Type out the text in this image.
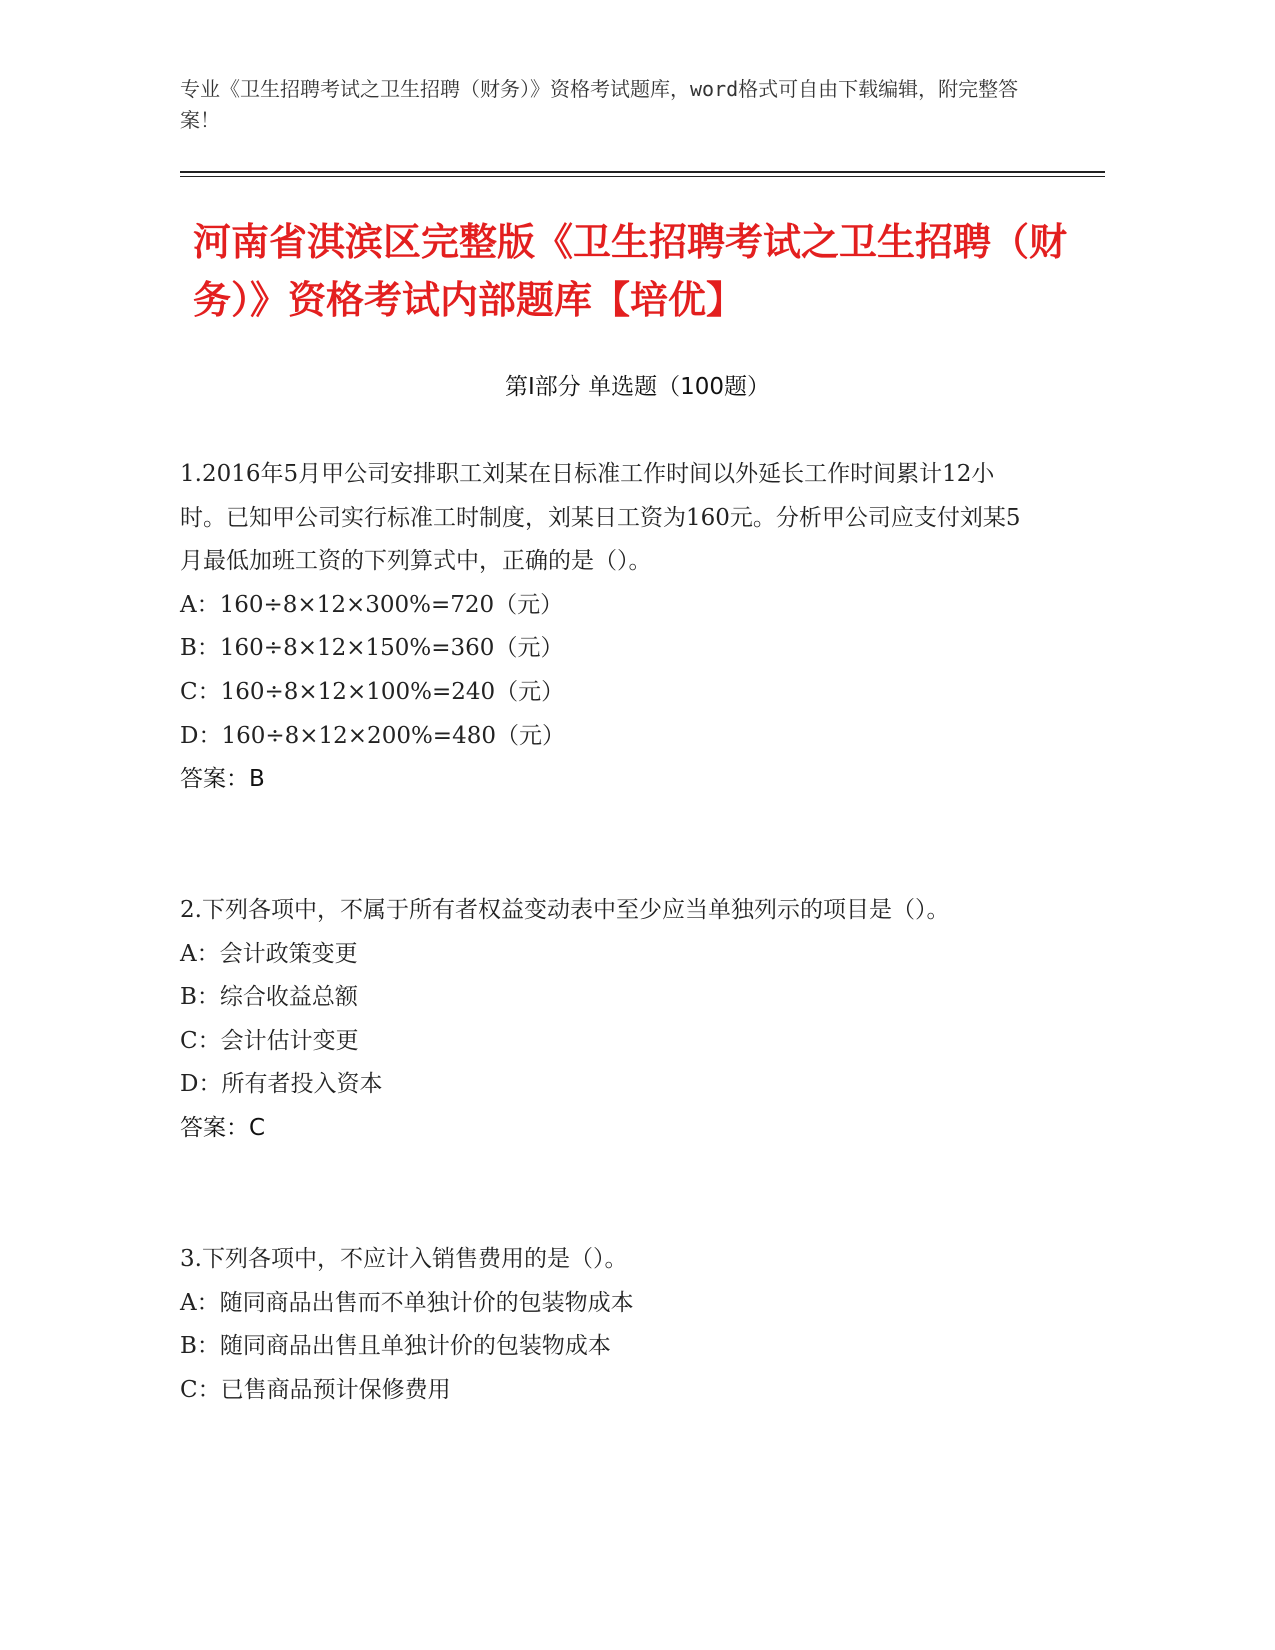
专业《卫生招聘考试之卫生招聘（财务）》资格考试题库，word格式可自由下载编辑，附完整答案！
河南省淇滨区完整版《卫生招聘考试之卫生招聘（财务）》资格考试内部题库【培优】
第Ⅰ部分 单选题（100题）
1.2016年5月甲公司安排职工刘某在日标准工作时间以外延长工作时间累计12小时。已知甲公司实行标准工时制度，刘某日工资为160元。分析甲公司应支付刘某5月最低加班工资的下列算式中，正确的是（）。
A：160÷8×12×300%=720（元）
B：160÷8×12×150%=360（元）
C：160÷8×12×100%=240（元）
D：160÷8×12×200%=480（元）
答案：B
2.下列各项中，不属于所有者权益变动表中至少应当单独列示的项目是（）。
A：会计政策变更
B：综合收益总额
C：会计估计变更
D：所有者投入资本
答案：C
3.下列各项中，不应计入销售费用的是（）。
A：随同商品出售而不单独计价的包装物成本
B：随同商品出售且单独计价的包装物成本
C：已售商品预计保修费用
